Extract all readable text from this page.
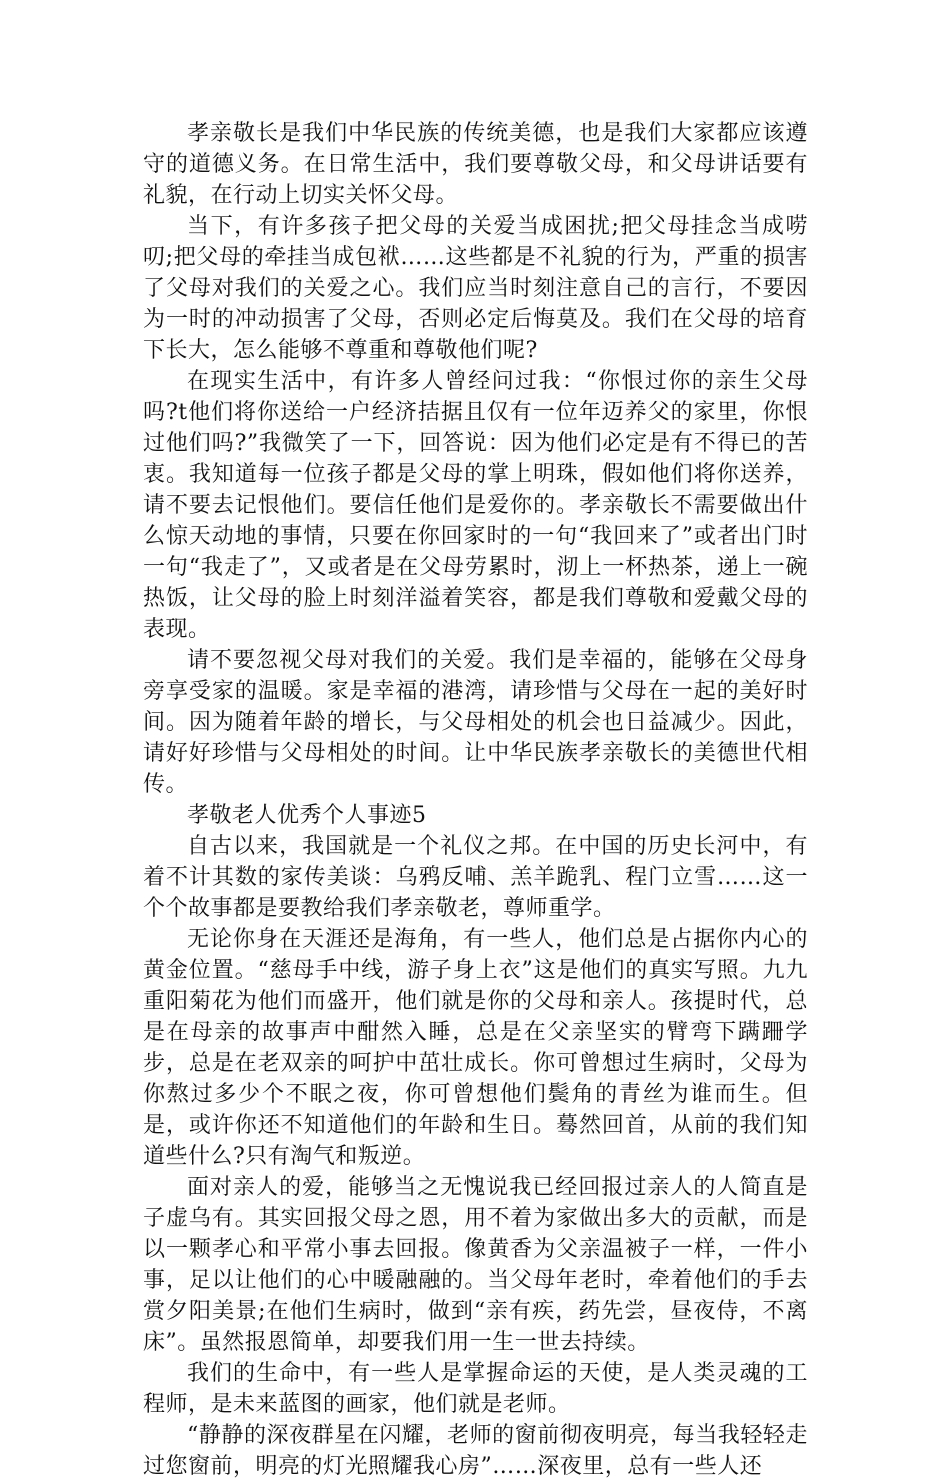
孝亲敬长是我们中华民族的传统美德，也是我们大家都应该遵守的道德义务。在日常生活中，我们要尊敬父母，和父母讲话要有礼貌，在行动上切实关怀父母。

当下，有许多孩子把父母的关爱当成困扰;把父母挂念当成唠叨;把父母的牵挂当成包袱……这些都是不礼貌的行为，严重的损害了父母对我们的关爱之心。我们应当时刻注意自己的言行，不要因为一时的冲动损害了父母，否则必定后悔莫及。我们在父母的培育下长大，怎么能够不尊重和尊敬他们呢?

在现实生活中，有许多人曾经问过我：“你恨过你的亲生父母吗?t他们将你送给一户经济拮据且仅有一位年迈养父的家里，你恨过他们吗?”我微笑了一下，回答说：因为他们必定是有不得已的苦衷。我知道每一位孩子都是父母的掌上明珠，假如他们将你送养，请不要去记恨他们。要信任他们是爱你的。孝亲敬长不需要做出什么惊天动地的事情，只要在你回家时的一句“我回来了”或者出门时一句“我走了”，又或者是在父母劳累时，沏上一杯热茶，递上一碗热饭，让父母的脸上时刻洋溢着笑容，都是我们尊敬和爱戴父母的表现。

请不要忽视父母对我们的关爱。我们是幸福的，能够在父母身旁享受家的温暖。家是幸福的港湾，请珍惜与父母在一起的美好时间。因为随着年龄的增长，与父母相处的机会也日益减少。因此，请好好珍惜与父母相处的时间。让中华民族孝亲敬长的美德世代相传。

孝敬老人优秀个人事迹5

自古以来，我国就是一个礼仪之邦。在中国的历史长河中，有着不计其数的家传美谈：乌鸦反哺、羔羊跪乳、程门立雪……这一个个故事都是要教给我们孝亲敬老，尊师重学。

无论你身在天涯还是海角，有一些人，他们总是占据你内心的黄金位置。“慈母手中线，游子身上衣”这是他们的真实写照。九九重阳菊花为他们而盛开，他们就是你的父母和亲人。孩提时代，总是在母亲的故事声中酣然入睡，总是在父亲坚实的臂弯下蹒跚学步，总是在老双亲的呵护中茁壮成长。你可曾想过生病时，父母为你熬过多少个不眠之夜，你可曾想他们鬓角的青丝为谁而生。但是，或许你还不知道他们的年龄和生日。蓦然回首，从前的我们知道些什么?只有淘气和叛逆。

面对亲人的爱，能够当之无愧说我已经回报过亲人的人简直是子虚乌有。其实回报父母之恩，用不着为家做出多大的贡献，而是以一颗孝心和平常小事去回报。像黄香为父亲温被子一样，一件小事，足以让他们的心中暖融融的。当父母年老时，牵着他们的手去赏夕阳美景;在他们生病时，做到“亲有疾，药先尝，昼夜侍，不离床”。虽然报恩简单，却要我们用一生一世去持续。

我们的生命中，有一些人是掌握命运的天使，是人类灵魂的工程师，是未来蓝图的画家，他们就是老师。

“静静的深夜群星在闪耀，老师的窗前彻夜明亮，每当我轻轻走过您窗前，明亮的灯光照耀我心房”……深夜里，总有一些人还
